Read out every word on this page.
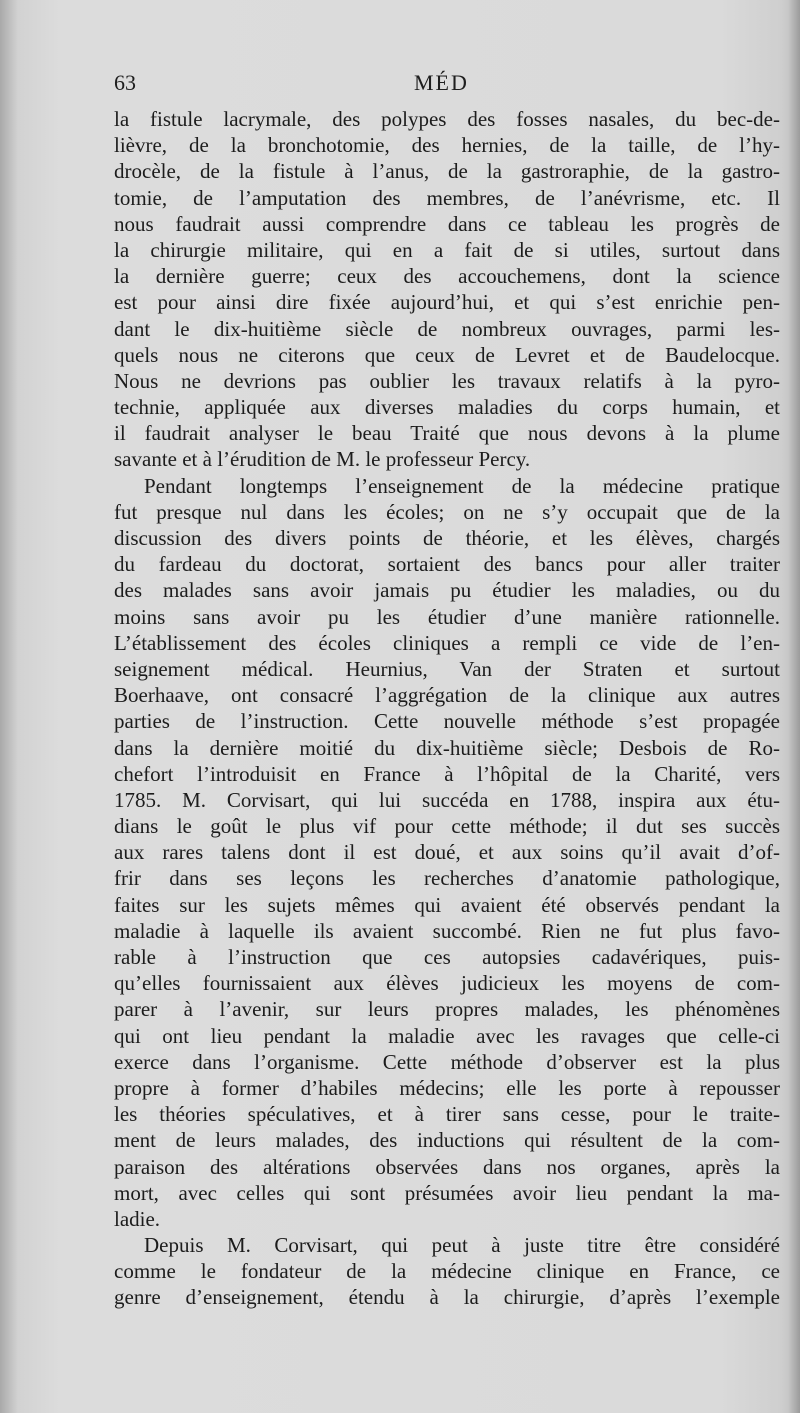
63	MÉD
la fistule lacrymale, des polypes des fosses nasales, du bec-de-
lièvre, de la bronchotomie, des hernies, de la taille, de l’hy-
drocèle, de la fistule à l’anus, de la gastroraphie, de la gastro-
tomie, de l’amputation des membres, de l’anévrisme, etc. Il
nous faudrait aussi comprendre dans ce tableau les progrès de
la chirurgie militaire, qui en a fait de si utiles, surtout dans
la dernière guerre; ceux des accouchemens, dont la science
est pour ainsi dire fixée aujourd’hui, et qui s’est enrichie pen-
dant le dix-huitième siècle de nombreux ouvrages, parmi les-
quels nous ne citerons que ceux de Levret et de Baudelocque.
Nous ne devrions pas oublier les travaux relatifs à la pyro-
technie, appliquée aux diverses maladies du corps humain, et
il faudrait analyser le beau Traité que nous devons à la plume
savante et à l’érudition de M. le professeur Percy.
Pendant longtemps l’enseignement de la médecine pratique
fut presque nul dans les écoles; on ne s’y occupait que de la
discussion des divers points de théorie, et les élèves, chargés
du fardeau du doctorat, sortaient des bancs pour aller traiter
des malades sans avoir jamais pu étudier les maladies, ou du
moins sans avoir pu les étudier d’une manière rationnelle.
L’établissement des écoles cliniques a rempli ce vide de l’en-
seignement médical. Heurnius, Van der Straten et surtout
Boerhaave, ont consacré l’aggrégation de la clinique aux autres
parties de l’instruction. Cette nouvelle méthode s’est propagée
dans la dernière moitié du dix-huitième siècle; Desbois de Ro-
chefort l’introduisit en France à l’hôpital de la Charité, vers
1785. M. Corvisart, qui lui succéda en 1788, inspira aux étu-
dians le goût le plus vif pour cette méthode; il dut ses succès
aux rares talens dont il est doué, et aux soins qu’il avait d’of-
frir dans ses leçons les recherches d’anatomie pathologique,
faites sur les sujets mêmes qui avaient été observés pendant la
maladie à laquelle ils avaient succombé. Rien ne fut plus favo-
rable à l’instruction que ces autopsies cadavériques, puis-
qu’elles fournissaient aux élèves judicieux les moyens de com-
parer à l’avenir, sur leurs propres malades, les phénomènes
qui ont lieu pendant la maladie avec les ravages que celle-ci
exerce dans l’organisme. Cette méthode d’observer est la plus
propre à former d’habiles médecins; elle les porte à repousser
les théories spéculatives, et à tirer sans cesse, pour le traite-
ment de leurs malades, des inductions qui résultent de la com-
paraison des altérations observées dans nos organes, après la
mort, avec celles qui sont présumées avoir lieu pendant la ma-
ladie.
Depuis M. Corvisart, qui peut à juste titre être considéré
comme le fondateur de la médecine clinique en France, ce
genre d’enseignement, étendu à la chirurgie, d’après l’exemple
